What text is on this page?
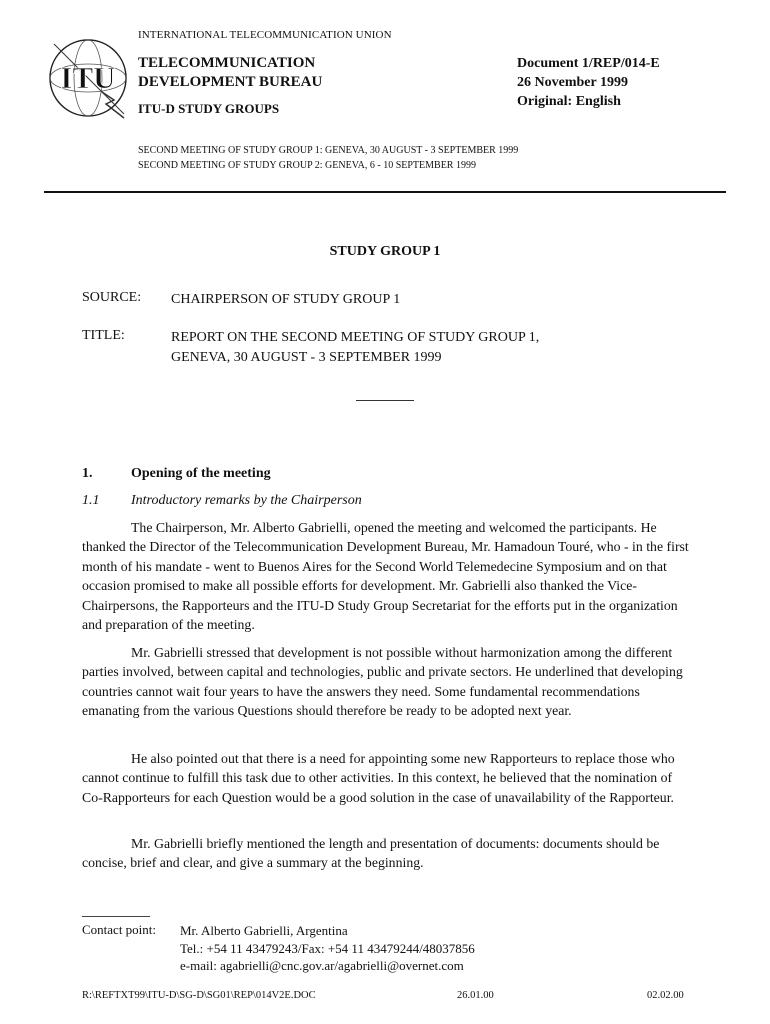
ITU
INTERNATIONAL TELECOMMUNICATION UNION
TELECOMMUNICATION
DEVELOPMENT BUREAU
ITU-D STUDY GROUPS
Document 1/REP/014-E
26 November 1999
Original: English
SECOND MEETING OF STUDY GROUP 1: GENEVA, 30 AUGUST - 3 SEPTEMBER 1999
SECOND MEETING OF STUDY GROUP 2: GENEVA, 6 - 10 SEPTEMBER 1999
STUDY GROUP 1
SOURCE: CHAIRPERSON OF STUDY GROUP 1
TITLE:	REPORT ON THE SECOND MEETING OF STUDY GROUP 1,
GENEVA, 30 AUGUST - 3 SEPTEMBER 1999
1.	Opening of the meeting
1.1 Introductory remarks by the Chairperson

The Chairperson, Mr. Alberto Gabrielli, opened the meeting and welcomed the participants. He thanked the Director of the Telecommunication Development Bureau, Mr. Hamadoun Touré, who - in the first month of his mandate - went to Buenos Aires for the Second World Telemedecine Symposium and on that occasion promised to make all possible efforts for development. Mr. Gabrielli also thanked the Vice-Chairpersons, the Rapporteurs and the ITU-D Study Group Secretariat for the efforts put in the organization and preparation of the meeting.

Mr. Gabrielli stressed that development is not possible without harmonization among the different parties involved, between capital and technologies, public and private sectors. He underlined that developing countries cannot wait four years to have the answers they need. Some fundamental recommendations emanating from the various Questions should therefore be ready to be adopted next year.

He also pointed out that there is a need for appointing some new Rapporteurs to replace those who cannot continue to fulfill this task due to other activities. In this context, he believed that the nomination of Co-Rapporteurs for each Question would be a good solution in the case of unavailability of the Rapporteur.

Mr. Gabrielli briefly mentioned the length and presentation of documents: documents should be concise, brief and clear, and give a summary at the beginning.

Contact point: Mr. Alberto Gabrielli, Argentina
Tel.: +54 11 43479243/Fax: +54 11 43479244/48037856
e-mail: agabrielli@cnc.gov.ar/agabrielli@overnet.com
R:\REFTXT99\ITU-D\SG-D\SG01\REP\014V2E.DOC	26.01.00	02.02.00
